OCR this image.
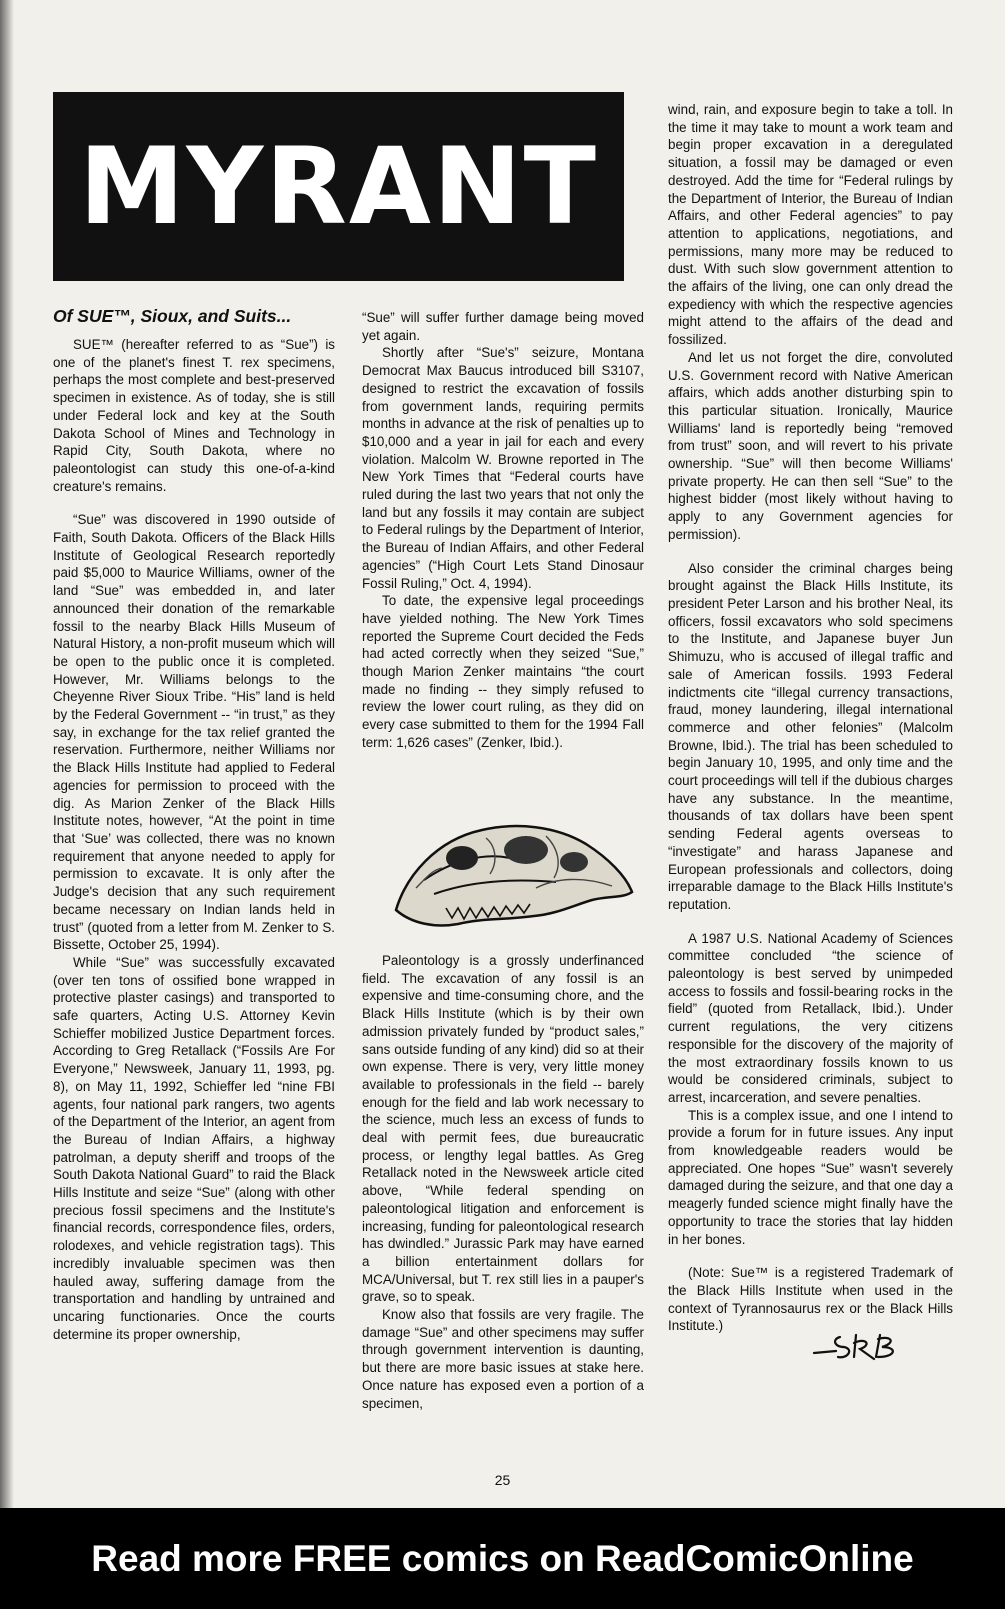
MYRANT
Of SUE™, Sioux, and Suits...

SUE™ (hereafter referred to as “Sue”) is one of the planet's finest T. rex specimens, perhaps the most complete and best-preserved specimen in existence. As of today, she is still under Federal lock and key at the South Dakota School of Mines and Technology in Rapid City, South Dakota, where no paleontologist can study this one-of-a-kind creature's remains.

“Sue” was discovered in 1990 outside of Faith, South Dakota. Officers of the Black Hills Institute of Geological Research reportedly paid $5,000 to Maurice Williams, owner of the land “Sue” was embedded in, and later announced their donation of the remarkable fossil to the nearby Black Hills Museum of Natural History, a non-profit museum which will be open to the public once it is completed. However, Mr. Williams belongs to the Cheyenne River Sioux Tribe. “His” land is held by the Federal Government -- “in trust,” as they say, in exchange for the tax relief granted the reservation. Furthermore, neither Williams nor the Black Hills Institute had applied to Federal agencies for permission to proceed with the dig. As Marion Zenker of the Black Hills Institute notes, however, “At the point in time that ‘Sue’ was collected, there was no known requirement that anyone needed to apply for permission to excavate. It is only after the Judge's decision that any such requirement became necessary on Indian lands held in trust” (quoted from a letter from M. Zenker to S. Bissette, October 25, 1994).

While “Sue” was successfully excavated (over ten tons of ossified bone wrapped in protective plaster casings) and transported to safe quarters, Acting U.S. Attorney Kevin Schieffer mobilized Justice Department forces. According to Greg Retallack (“Fossils Are For Everyone,” Newsweek, January 11, 1993, pg. 8), on May 11, 1992, Schieffer led “nine FBI agents, four national park rangers, two agents of the Department of the Interior, an agent from the Bureau of Indian Affairs, a highway patrolman, a deputy sheriff and troops of the South Dakota National Guard” to raid the Black Hills Institute and seize “Sue” (along with other precious fossil specimens and the Institute's financial records, correspondence files, orders, rolodexes, and vehicle registration tags). This incredibly invaluable specimen was then hauled away, suffering damage from the transportation and handling by untrained and uncaring functionaries. Once the courts determine its proper ownership,

“Sue” will suffer further damage being moved yet again.

Shortly after “Sue's” seizure, Montana Democrat Max Baucus introduced bill S3107, designed to restrict the excavation of fossils from government lands, requiring permits months in advance at the risk of penalties up to $10,000 and a year in jail for each and every violation. Malcolm W. Browne reported in The New York Times that “Federal courts have ruled during the last two years that not only the land but any fossils it may contain are subject to Federal rulings by the Department of Interior, the Bureau of Indian Affairs, and other Federal agencies” (“High Court Lets Stand Dinosaur Fossil Ruling,” Oct. 4, 1994).

To date, the expensive legal proceedings have yielded nothing. The New York Times reported the Supreme Court decided the Feds had acted correctly when they seized “Sue,” though Marion Zenker maintains “the court made no finding -- they simply refused to review the lower court ruling, as they did on every case submitted to them for the 1994 Fall term: 1,626 cases” (Zenker, Ibid.).

Paleontology is a grossly underfinanced field. The excavation of any fossil is an expensive and time-consuming chore, and the Black Hills Institute (which is by their own admission privately funded by “product sales,” sans outside funding of any kind) did so at their own expense. There is very, very little money available to professionals in the field -- barely enough for the field and lab work necessary to the science, much less an excess of funds to deal with permit fees, due bureaucratic process, or lengthy legal battles. As Greg Retallack noted in the Newsweek article cited above, “While federal spending on paleontological litigation and enforcement is increasing, funding for paleontological research has dwindled.” Jurassic Park may have earned a billion entertainment dollars for MCA/Universal, but T. rex still lies in a pauper's grave, so to speak.

Know also that fossils are very fragile. The damage “Sue” and other specimens may suffer through government intervention is daunting, but there are more basic issues at stake here. Once nature has exposed even a portion of a specimen,

wind, rain, and exposure begin to take a toll. In the time it may take to mount a work team and begin proper excavation in a deregulated situation, a fossil may be damaged or even destroyed. Add the time for “Federal rulings by the Department of Interior, the Bureau of Indian Affairs, and other Federal agencies” to pay attention to applications, negotiations, and permissions, many more may be reduced to dust. With such slow government attention to the affairs of the living, one can only dread the expediency with which the respective agencies might attend to the affairs of the dead and fossilized.

And let us not forget the dire, convoluted U.S. Government record with Native American affairs, which adds another disturbing spin to this particular situation. Ironically, Maurice Williams' land is reportedly being “removed from trust” soon, and will revert to his private ownership. “Sue” will then become Williams' private property. He can then sell “Sue” to the highest bidder (most likely without having to apply to any Government agencies for permission).

Also consider the criminal charges being brought against the Black Hills Institute, its president Peter Larson and his brother Neal, its officers, fossil excavators who sold specimens to the Institute, and Japanese buyer Jun Shimuzu, who is accused of illegal traffic and sale of American fossils. 1993 Federal indictments cite “illegal currency transactions, fraud, money laundering, illegal international commerce and other felonies” (Malcolm Browne, Ibid.). The trial has been scheduled to begin January 10, 1995, and only time and the court proceedings will tell if the dubious charges have any substance. In the meantime, thousands of tax dollars have been spent sending Federal agents overseas to “investigate” and harass Japanese and European professionals and collectors, doing irreparable damage to the Black Hills Institute's reputation.

A 1987 U.S. National Academy of Sciences committee concluded “the science of paleontology is best served by unimpeded access to fossils and fossil-bearing rocks in the field” (quoted from Retallack, Ibid.). Under current regulations, the very citizens responsible for the discovery of the majority of the most extraordinary fossils known to us would be considered criminals, subject to arrest, incarceration, and severe penalties.

This is a complex issue, and one I intend to provide a forum for in future issues. Any input from knowledgeable readers would be appreciated. One hopes “Sue” wasn't severely damaged during the seizure, and that one day a meagerly funded science might finally have the opportunity to trace the stories that lay hidden in her bones.

(Note: Sue™ is a registered Trademark of the Black Hills Institute when used in the context of Tyrannosaurus rex or the Black Hills Institute.)

25
Read more FREE comics on ReadComicOnline
